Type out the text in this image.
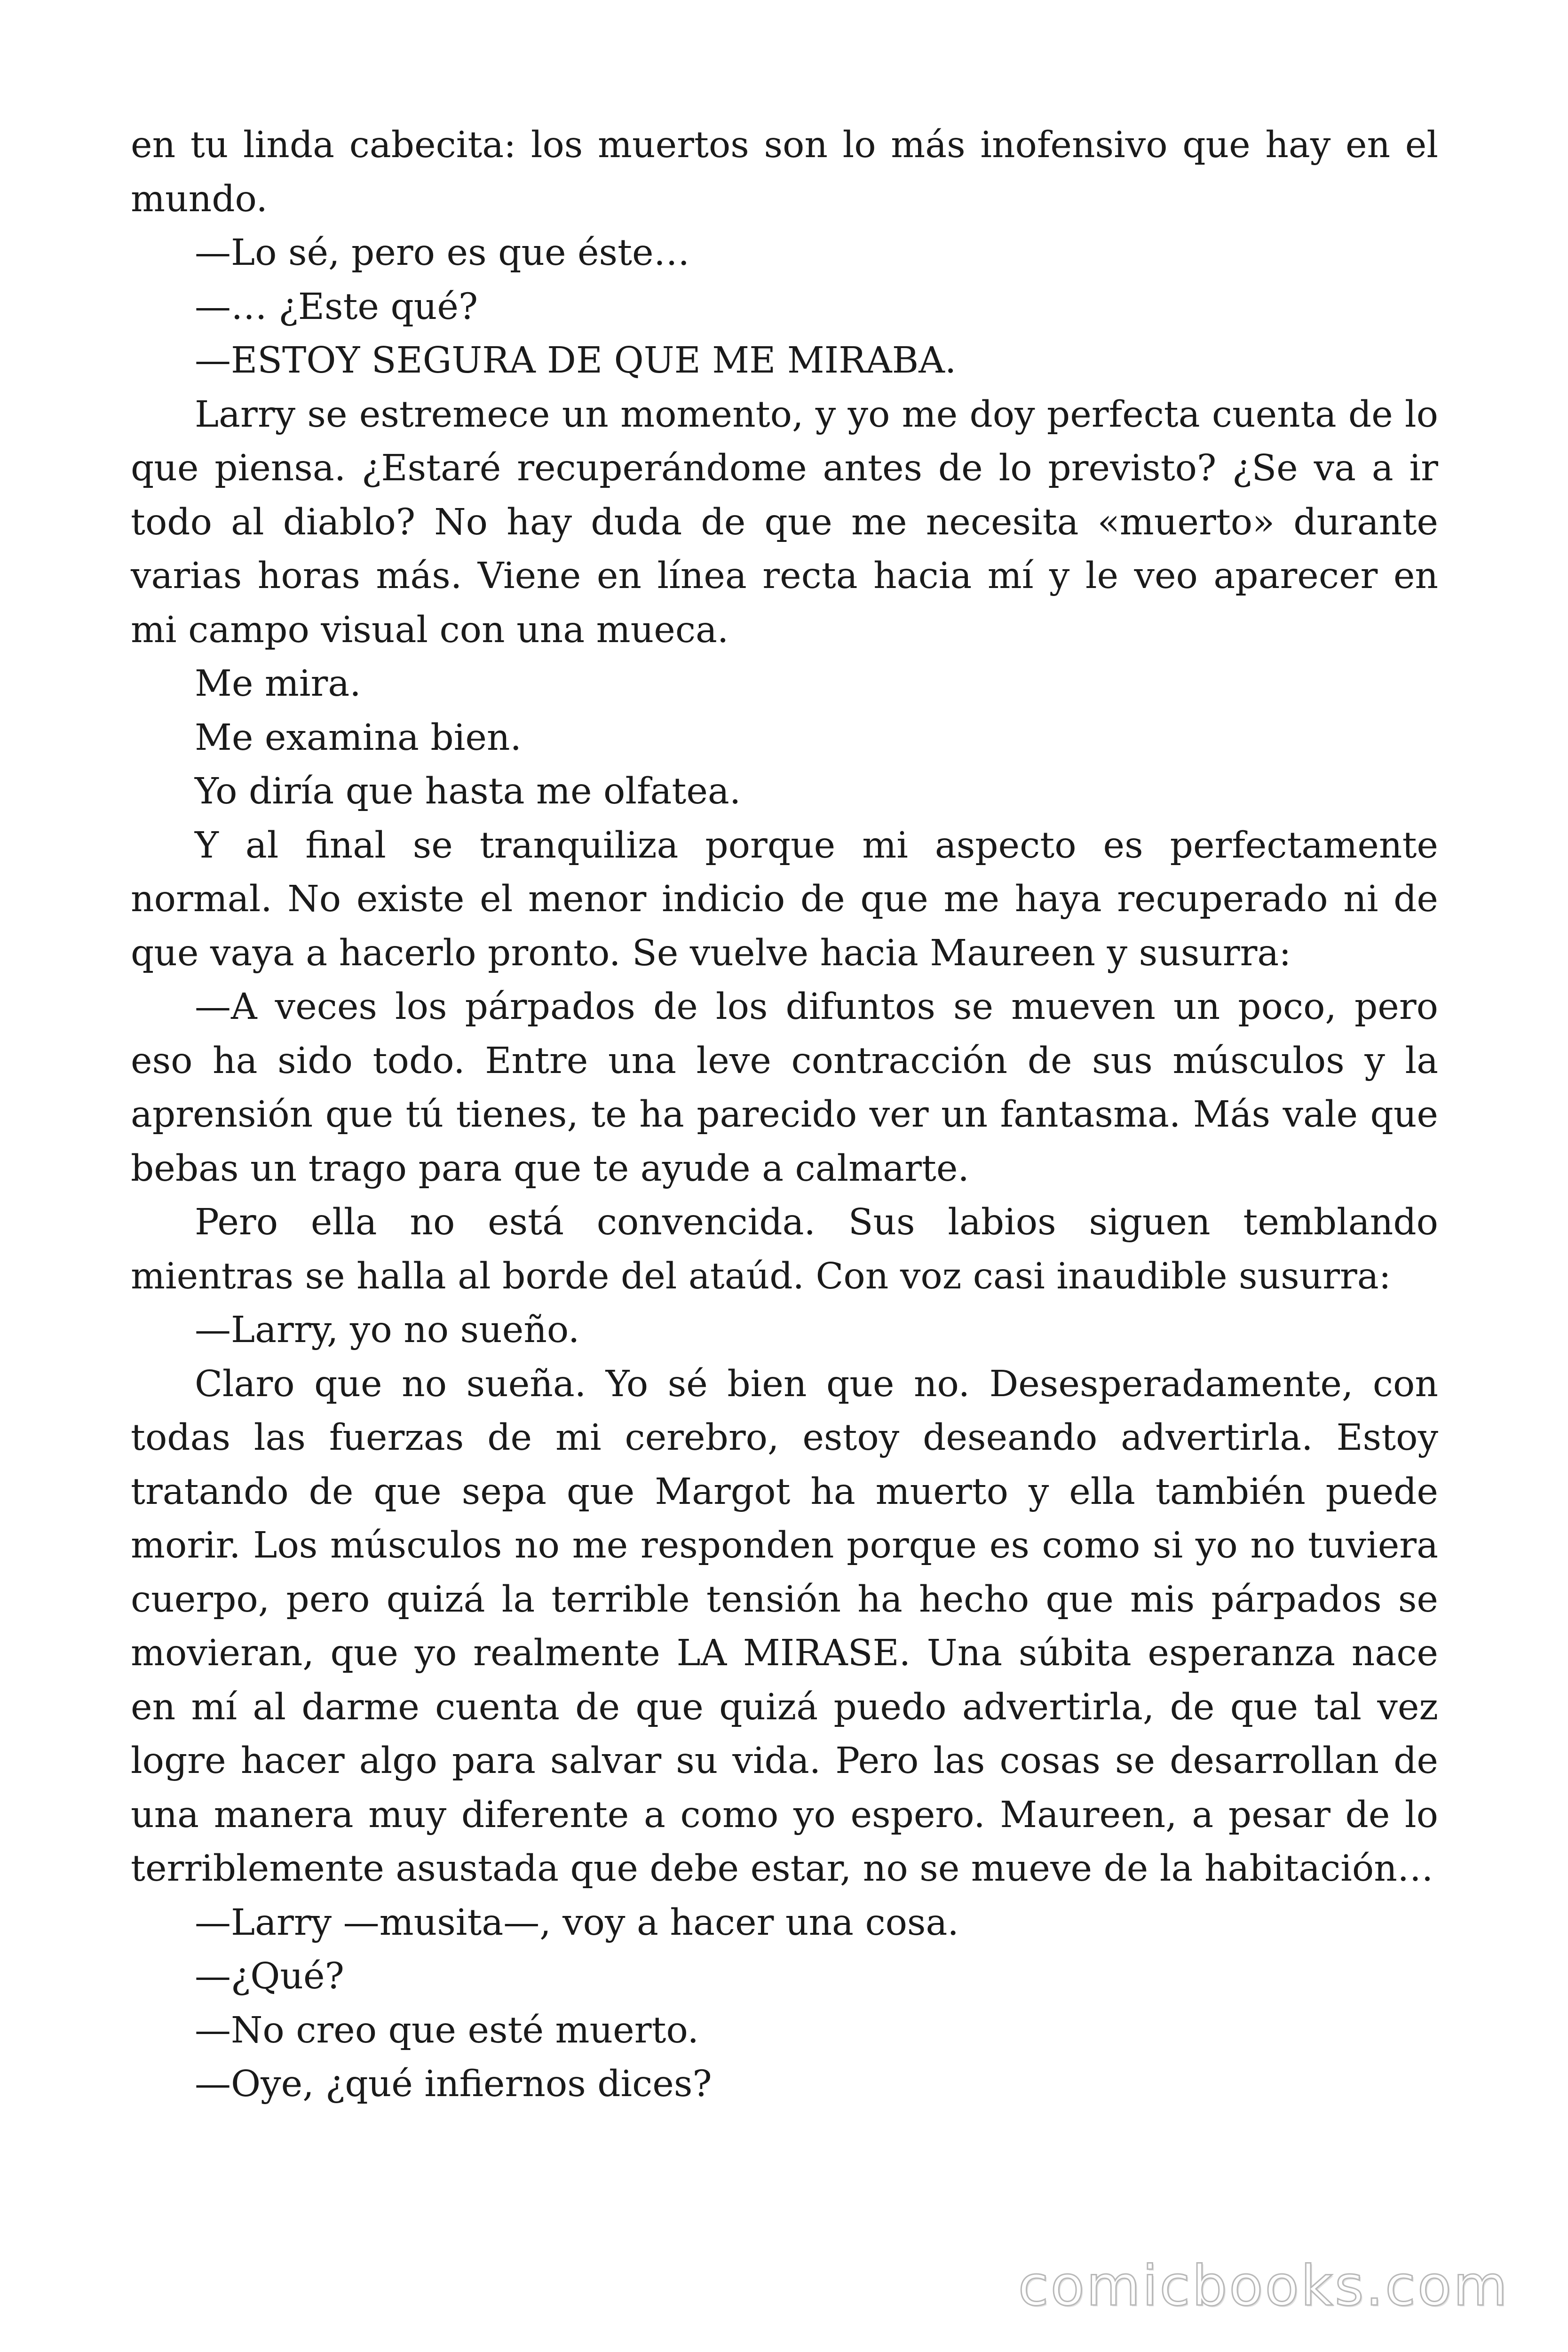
en tu linda cabecita: los muertos son lo más inofensivo que hay en el mundo.

—Lo sé, pero es que éste…

—… ¿Este qué?

—ESTOY SEGURA DE QUE ME MIRABA.

Larry se estremece un momento, y yo me doy perfecta cuenta de lo que piensa. ¿Estaré recuperándome antes de lo previsto? ¿Se va a ir todo al diablo? No hay duda de que me necesita «muerto» durante varias horas más. Viene en línea recta hacia mí y le veo aparecer en mi campo visual con una mueca.

Me mira.

Me examina bien.

Yo diría que hasta me olfatea.

Y al final se tranquiliza porque mi aspecto es perfectamente normal. No existe el menor indicio de que me haya recuperado ni de que vaya a hacerlo pronto. Se vuelve hacia Maureen y susurra:

—A veces los párpados de los difuntos se mueven un poco, pero eso ha sido todo. Entre una leve contracción de sus músculos y la aprensión que tú tienes, te ha parecido ver un fantasma. Más vale que bebas un trago para que te ayude a calmarte.

Pero ella no está convencida. Sus labios siguen temblando mientras se halla al borde del ataúd. Con voz casi inaudible susurra:

—Larry, yo no sueño.

Claro que no sueña. Yo sé bien que no. Desesperadamente, con todas las fuerzas de mi cerebro, estoy deseando advertirla. Estoy tratando de que sepa que Margot ha muerto y ella también puede morir. Los músculos no me responden porque es como si yo no tuviera cuerpo, pero quizá la terrible tensión ha hecho que mis párpados se movieran, que yo realmente LA MIRASE. Una súbita esperanza nace en mí al darme cuenta de que quizá puedo advertirla, de que tal vez logre hacer algo para salvar su vida. Pero las cosas se desarrollan de una manera muy diferente a como yo espero. Maureen, a pesar de lo terriblemente asustada que debe estar, no se mueve de la habitación…

—Larry —musita—, voy a hacer una cosa.

—¿Qué?

—No creo que esté muerto.

—Oye, ¿qué infiernos dices?

comicbooks.com
